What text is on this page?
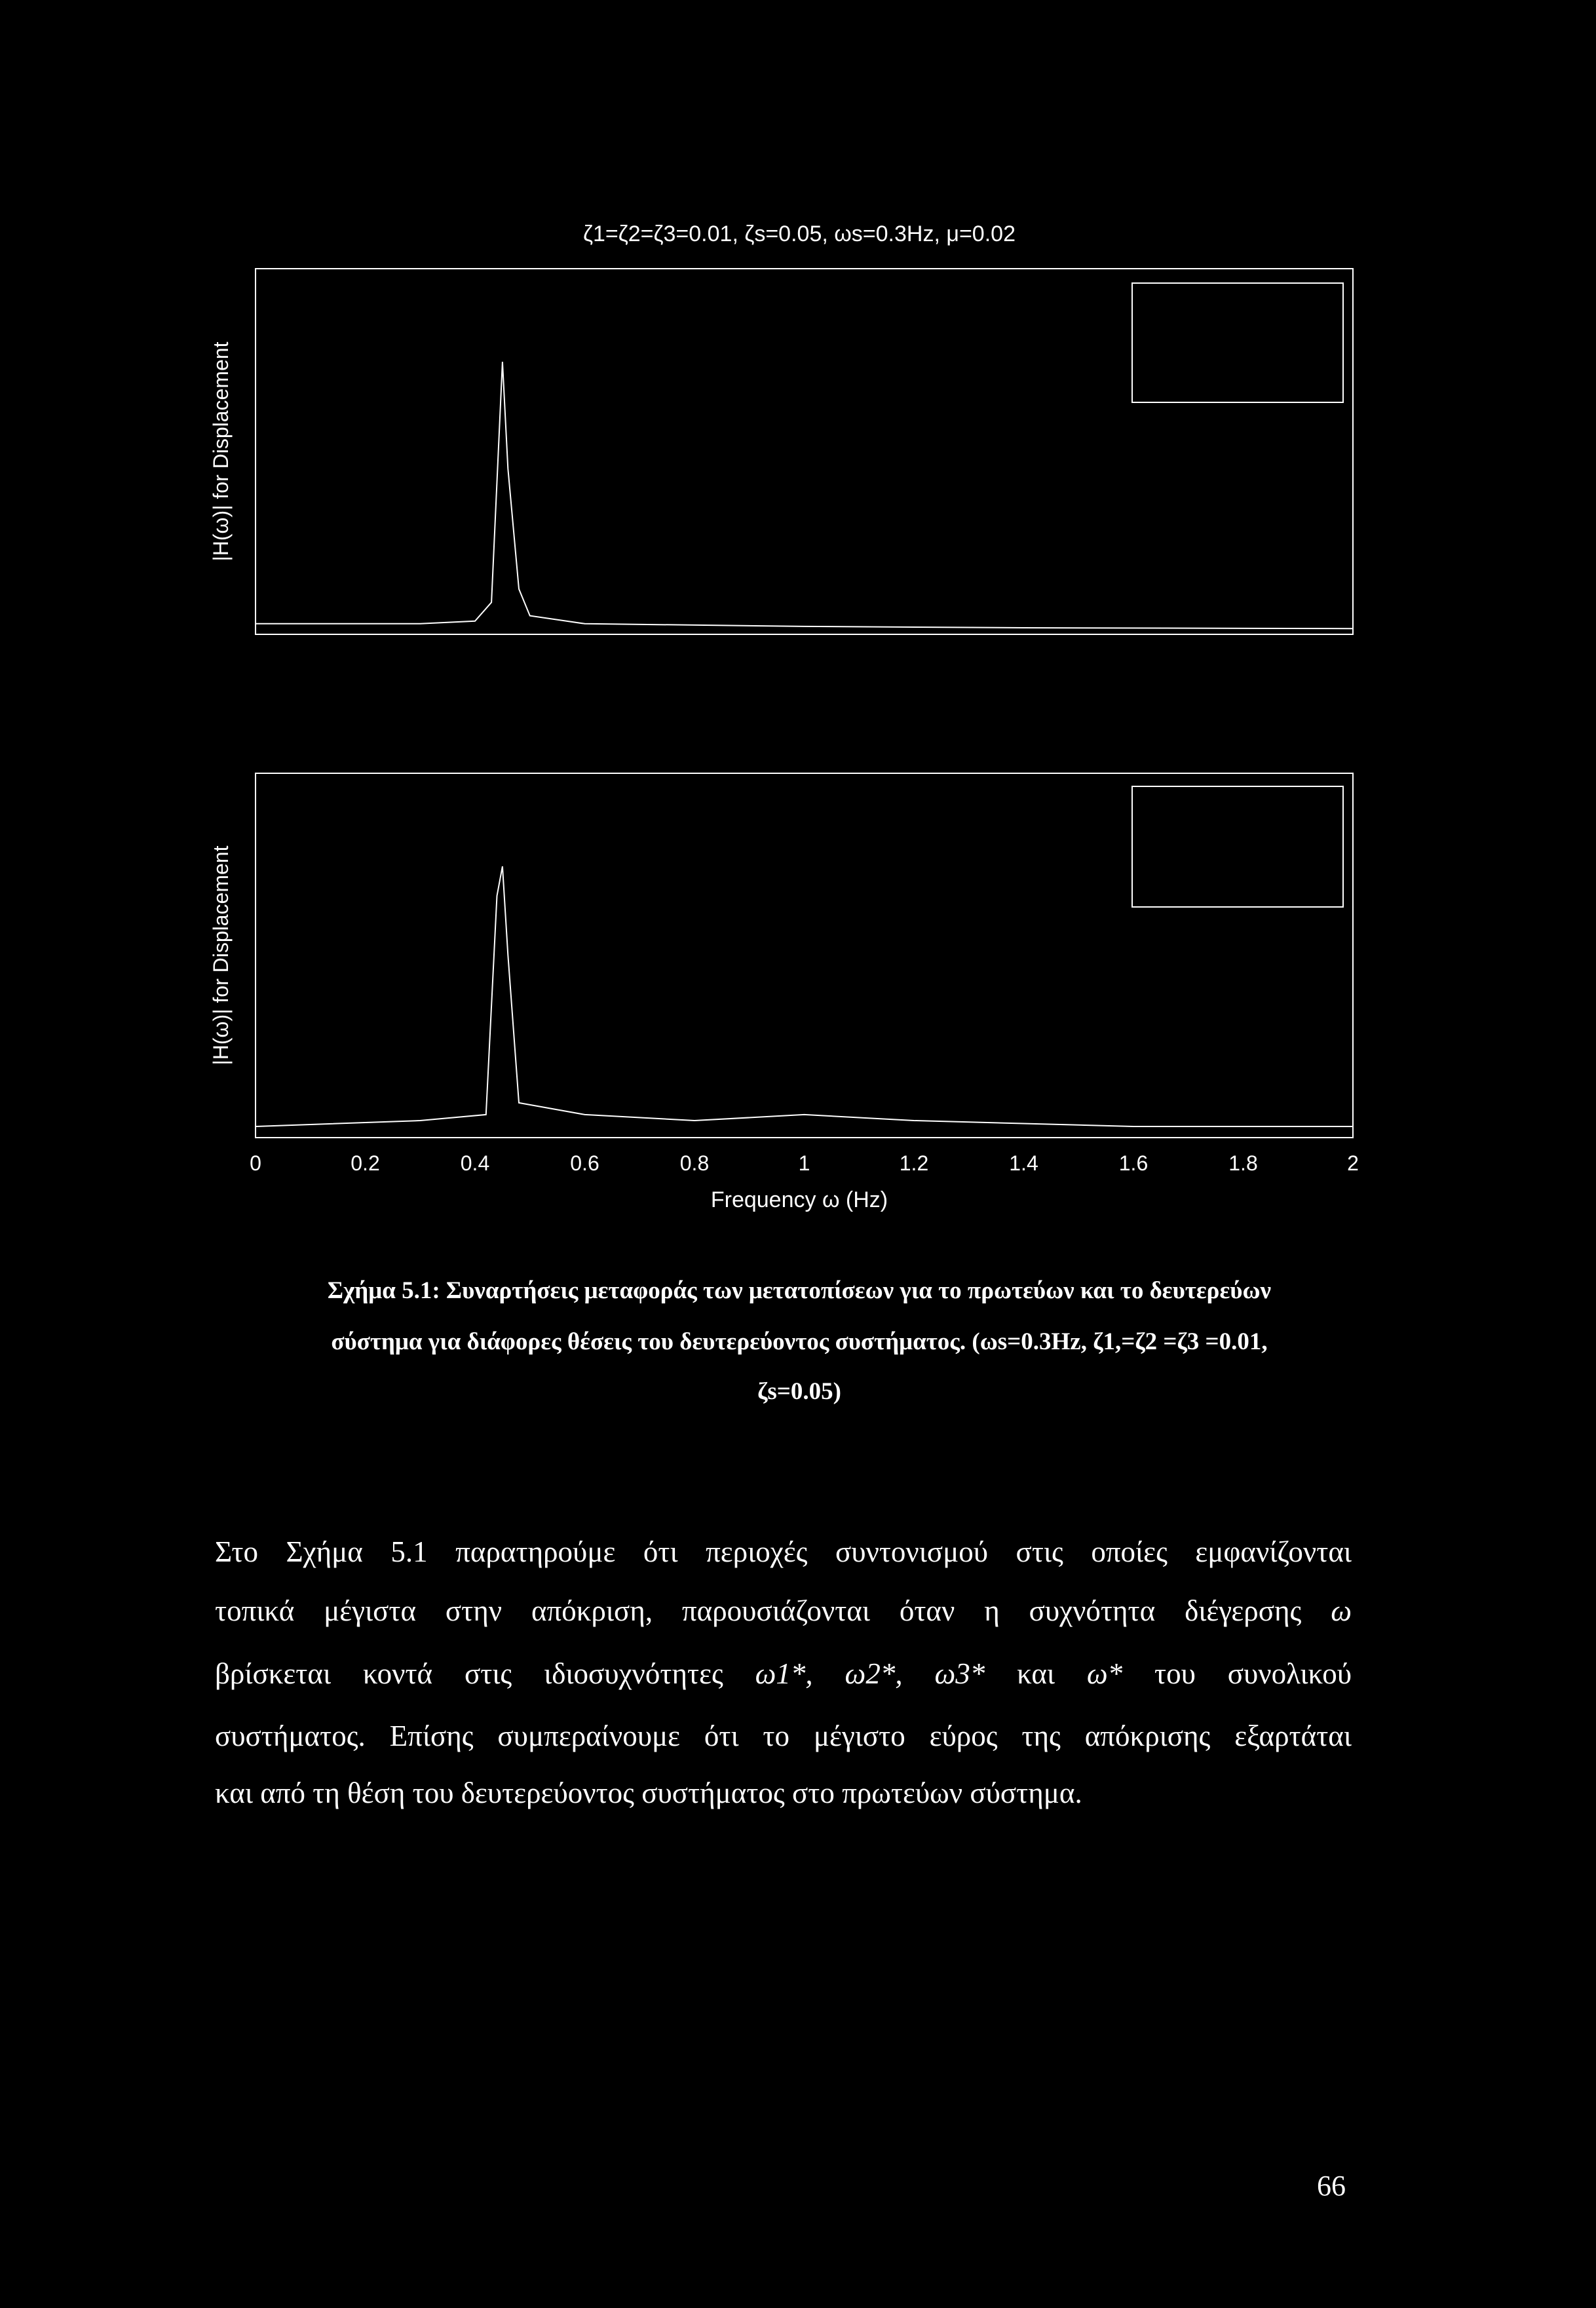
ζ1=ζ2=ζ3=0.01, ζs=0.05, ωs=0.3Hz, μ=0.02
|H(ω)| for Displacement
|H(ω)| for Displacement
0	0.2	0.4	0.6	0.8	1	1.2	1.4	1.6	1.8	2
Frequency ω (Hz)
Σχήμα 5.1: Συναρτήσεις μεταφοράς των μετατοπίσεων για το πρωτεύων και το δευτερεύων
σύστημα για διάφορες θέσεις του δευτερεύοντος συστήματος. (ωs=0.3Hz, ζ1,=ζ2 =ζ3 =0.01,
ζs=0.05)
Στο Σχήμα 5.1 παρατηρούμε ότι περιοχές συντονισμού στις οποίες εμφανίζονται
τοπικά μέγιστα στην απόκριση, παρουσιάζονται όταν η συχνότητα διέγερσης ω
βρίσκεται κοντά στις ιδιοσυχνότητες ω1*, ω2*, ω3* και ω* του συνολικού
συστήματος. Επίσης συμπεραίνουμε ότι το μέγιστο εύρος της απόκρισης εξαρτάται
και από τη θέση του δευτερεύοντος συστήματος στο πρωτεύων σύστημα.
66
